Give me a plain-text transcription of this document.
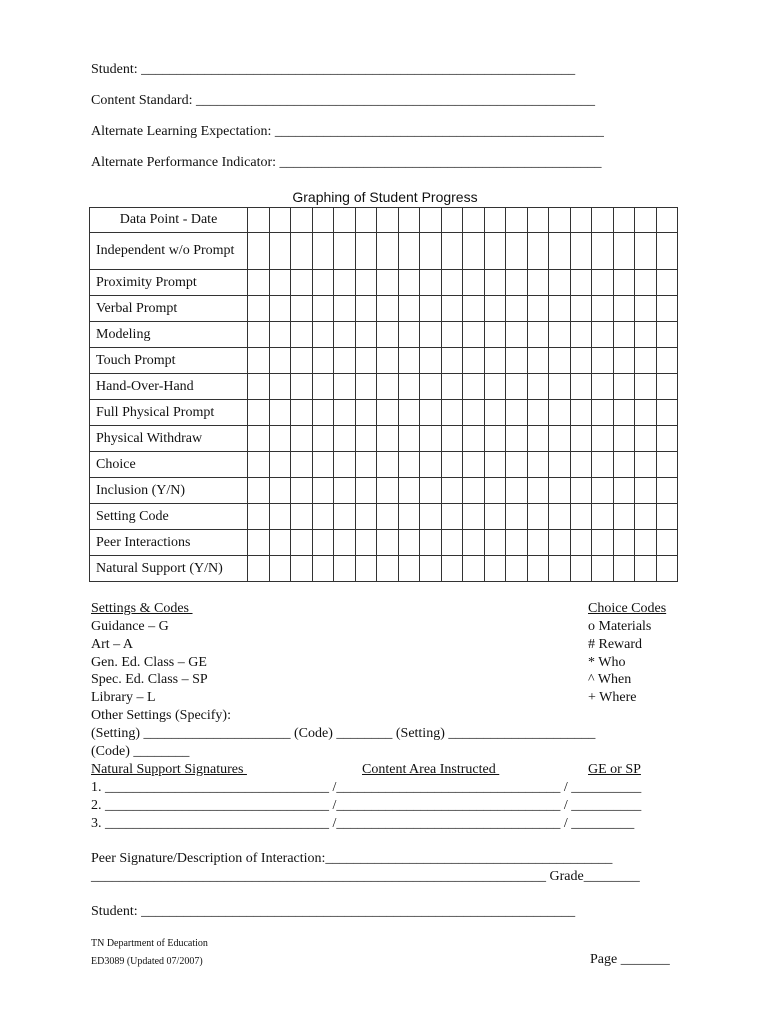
Student: ______________________________________________________________
Content Standard: _________________________________________________________
Alternate Learning Expectation: _______________________________________________
Alternate Performance Indicator: ______________________________________________
Graphing of Student Progress
Data Point - Date																				
Independent w/o Prompt																				
Proximity Prompt																				
Verbal Prompt																				
Modeling																				
Touch Prompt																				
Hand-Over-Hand																				
Full Physical Prompt																				
Physical Withdraw																				
Choice																				
Inclusion (Y/N)																				
Setting Code																				
Peer Interactions																				
Natural Support (Y/N)																				
Settings & Codes
Guidance – G
Art – A
Gen. Ed. Class – GE
Spec. Ed. Class – SP
Library – L
Other Settings (Specify):
(Setting) _____________________ (Code) ________ (Setting) _____________________
(Code) ________
Choice Codes
o Materials
# Reward
* Who
^ When
+ Where
Natural Support Signatures	Content Area Instructed	GE or SP
1. ________________________________ /________________________________ / __________
2. ________________________________ /________________________________ / __________
3. ________________________________ /________________________________ / _________
Peer Signature/Description of Interaction:_________________________________________
_________________________________________________________________ Grade________
Student: ______________________________________________________________
TN Department of Education
ED3089 (Updated 07/2007)	Page _______
